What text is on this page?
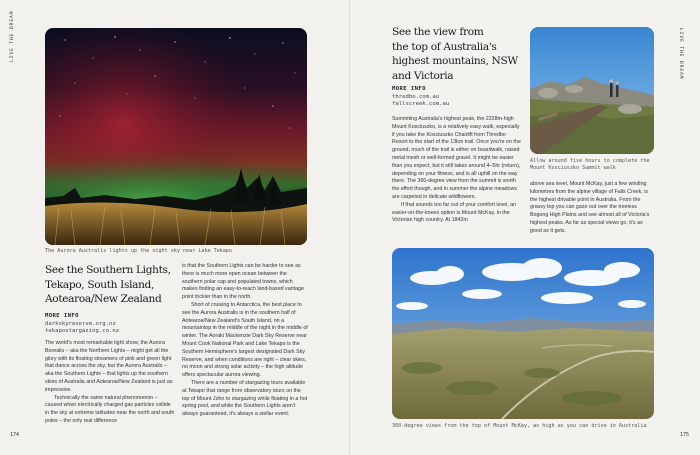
LIVE THE DREAM
The Aurora Australis lights up the night sky near Lake Tekapo
See the Southern Lights,
Tekapo, South Island,
Aotearoa/New Zealand
MORE INFO
darkskyreserve.org.nz
tekapostargazing.co.nz

The world's most remarkable light show, the Aurora Borealis – aka the Northern Lights – might get all the glory with its floating streamers of pink and green light that dance across the sky, but the Aurora Australis – aka the Southern Lights – that lights up the southern skies of Australia and Aotearoa/New Zealand is just as impressive.

Technically the same natural phenomenon – caused when electrically charged gas particles collide in the sky at extreme latitudes near the north and south poles – the only real difference

is that the Southern Lights can be harder to see as there is much more open ocean between the southern polar cap and populated towns, which makes finding an easy-to-reach land-based vantage point trickier than in the north.

Short of cruising to Antarctica, the best place to see the Aurora Australis is in the southern half of Aotearoa/New Zealand's South Island, on a mountaintop in the middle of the night in the middle of winter. The Aoraki Mackenzie Dark Sky Reserve near Mount Cook National Park and Lake Tekapo is the Southern Hemisphere's largest designated Dark Sky Reserve, and when conditions are right – clear skies, no moon and strong solar activity – the high altitude offers spectacular aurora viewing.

There are a number of stargazing tours available at Tekapo that range from observatory tours on the top of Mount John to stargazing while floating in a hot spring pool, and while the Southern Lights aren't always guaranteed, it's always a stellar event.

174
See the view from
the top of Australia's
highest mountains, NSW
and Victoria
MORE INFO
thredbo.com.au
fallscreek.com.au

Summiting Australia's highest peak, the 2228m-high Mount Kosciuszko, is a relatively easy walk, especially if you take the Kosciuszko Chairlift from Thredbo Resort to the start of the 13km trail. Once you're on the ground, much of the trail is either on boardwalk, raised metal mesh or well-formed gravel. It might be easier than you expect, but it still takes around 4–5hr (return), depending on your fitness, and is all uphill on the way there. The 360-degree view from the summit is worth the effort though, and in summer the alpine meadows are carpeted in delicate wildflowers.

If that sounds too far out of your comfort level, an easier-on-the-knees option is Mount McKay, in the Victorian high country. At 1842m

Allow around five hours to complete the Mount Kosciuszko Summit walk

above sea level, Mount McKay, just a few winding kilometres from the alpine village of Falls Creek, is the highest drivable point in Australia. From the grassy top you can gaze out over the treeless Bogong High Plains and see almost all of Victoria's highest peaks. As far as special views go, it's as good as it gets.

360-degree views from the top of Mount McKay, as high as you can drive in Australia
LIVE THE DREAM
175
